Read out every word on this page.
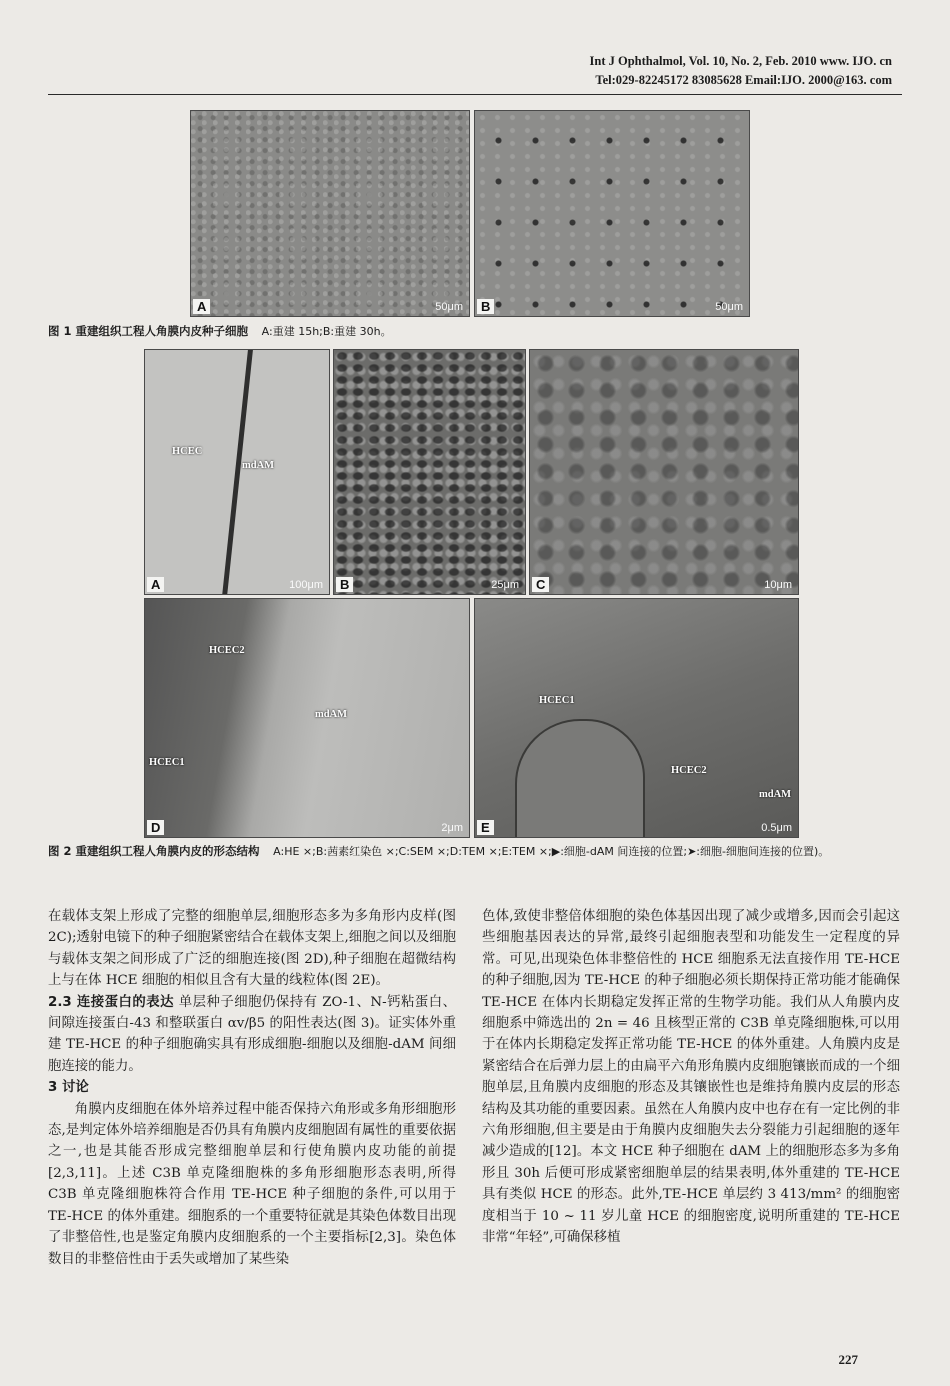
Int J Ophthalmol, Vol. 10, No. 2, Feb. 2010 www. IJO. cn
Tel:029-82245172 83085628 Email:IJO. 2000@163. com
50μm
A	50μm
B
图 1 重建组织工程人角膜内皮种子细胞 A:重建 15h;B:重建 30h。
HCEC
mdAM
100μm
A	25μm
B	10μm
C
HCEC2
mdAM
HCEC1
2μm
D
HCEC1
HCEC2
mdAM
0.5μm
E
图 2 重建组织工程人角膜内皮的形态结构 A:HE ×;B:茜素红染色 ×;C:SEM ×;D:TEM ×;E:TEM ×;▶:细胞-dAM 间连接的位置;➤:细胞-细胞间连接的位置)。

在载体支架上形成了完整的细胞单层,细胞形态多为多角形内皮样(图 2C);透射电镜下的种子细胞紧密结合在载体支架上,细胞之间以及细胞与载体支架之间形成了广泛的细胞连接(图 2D),种子细胞在超微结构上与在体 HCE 细胞的相似且含有大量的线粒体(图 2E)。

2.3 连接蛋白的表达 单层种子细胞仍保持有 ZO-1、N-钙粘蛋白、间隙连接蛋白-43 和整联蛋白 αv/β5 的阳性表达(图 3)。证实体外重建 TE-HCE 的种子细胞确实具有形成细胞-细胞以及细胞-dAM 间细胞连接的能力。

3 讨论

角膜内皮细胞在体外培养过程中能否保持六角形或多角形细胞形态,是判定体外培养细胞是否仍具有角膜内皮细胞固有属性的重要依据之一,也是其能否形成完整细胞单层和行使角膜内皮功能的前提[2,3,11]。上述 C3B 单克隆细胞株的多角形细胞形态表明,所得 C3B 单克隆细胞株符合作用 TE-HCE 种子细胞的条件,可以用于 TE-HCE 的体外重建。细胞系的一个重要特征就是其染色体数目出现了非整倍性,也是鉴定角膜内皮细胞系的一个主要指标[2,3]。染色体数目的非整倍性由于丢失或增加了某些染

色体,致使非整倍体细胞的染色体基因出现了减少或增多,因而会引起这些细胞基因表达的异常,最终引起细胞表型和功能发生一定程度的异常。可见,出现染色体非整倍性的 HCE 细胞系无法直接作用 TE-HCE 的种子细胞,因为 TE-HCE 的种子细胞必须长期保持正常功能才能确保 TE-HCE 在体内长期稳定发挥正常的生物学功能。我们从人角膜内皮细胞系中筛选出的 2n = 46 且核型正常的 C3B 单克隆细胞株,可以用于在体内长期稳定发挥正常功能 TE-HCE 的体外重建。人角膜内皮是紧密结合在后弹力层上的由扁平六角形角膜内皮细胞镶嵌而成的一个细胞单层,且角膜内皮细胞的形态及其镶嵌性也是维持角膜内皮层的形态结构及其功能的重要因素。虽然在人角膜内皮中也存在有一定比例的非六角形细胞,但主要是由于角膜内皮细胞失去分裂能力引起细胞的逐年减少造成的[12]。本文 HCE 种子细胞在 dAM 上的细胞形态多为多角形且 30h 后便可形成紧密细胞单层的结果表明,体外重建的 TE-HCE 具有类似 HCE 的形态。此外,TE-HCE 单层约 3 413/mm² 的细胞密度相当于 10 ~ 11 岁儿童 HCE 的细胞密度,说明所重建的 TE-HCE 非常“年轻”,可确保移植

227
